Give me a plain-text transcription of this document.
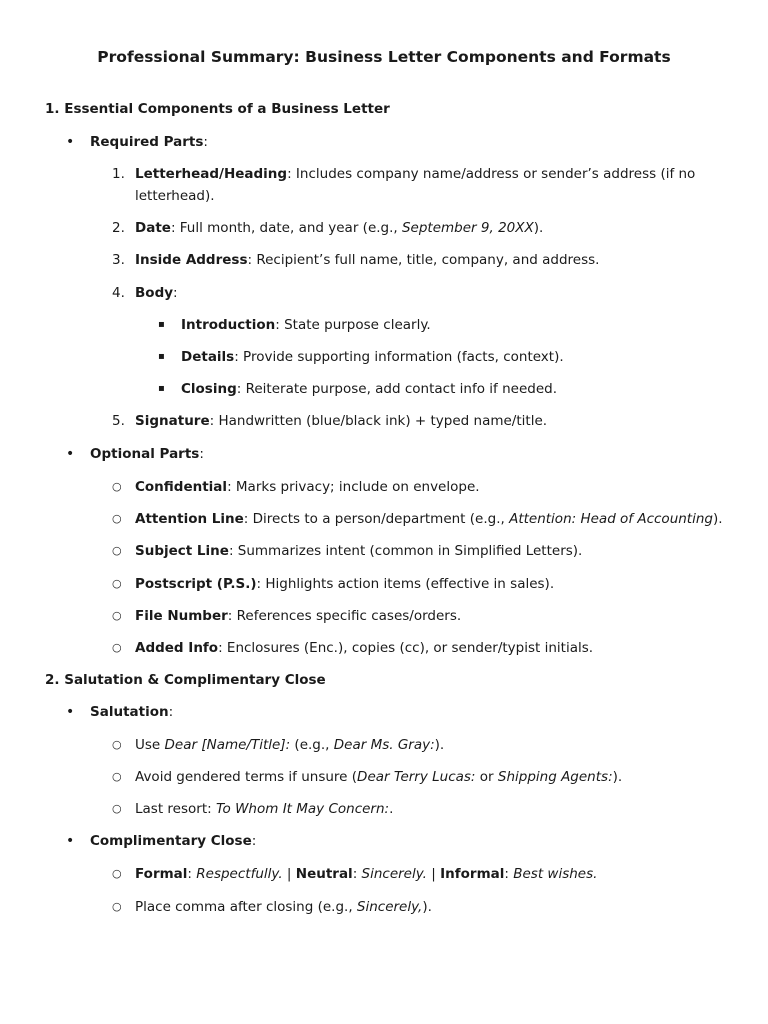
Professional Summary: Business Letter Components and Formats
1. Essential Components of a Business Letter
• Required Parts:
1. Letterhead/Heading: Includes company name/address or sender’s address (if no
letterhead).
2. Date: Full month, date, and year (e.g., September 9, 20XX).
3. Inside Address: Recipient’s full name, title, company, and address.
4. Body:
▪ Introduction: State purpose clearly.
▪ Details: Provide supporting information (facts, context).
▪ Closing: Reiterate purpose, add contact info if needed.
5. Signature: Handwritten (blue/black ink) + typed name/title.
• Optional Parts:
○ Confidential: Marks privacy; include on envelope.
○ Attention Line: Directs to a person/department (e.g., Attention: Head of Accounting).
○ Subject Line: Summarizes intent (common in Simplified Letters).
○ Postscript (P.S.): Highlights action items (effective in sales).
○ File Number: References specific cases/orders.
○ Added Info: Enclosures (Enc.), copies (cc), or sender/typist initials.
2. Salutation & Complimentary Close
• Salutation:
○ Use Dear [Name/Title]: (e.g., Dear Ms. Gray:).
○ Avoid gendered terms if unsure (Dear Terry Lucas: or Shipping Agents:).
○ Last resort: To Whom It May Concern:.
• Complimentary Close:
○ Formal: Respectfully. | Neutral: Sincerely. | Informal: Best wishes.
○ Place comma after closing (e.g., Sincerely,).
